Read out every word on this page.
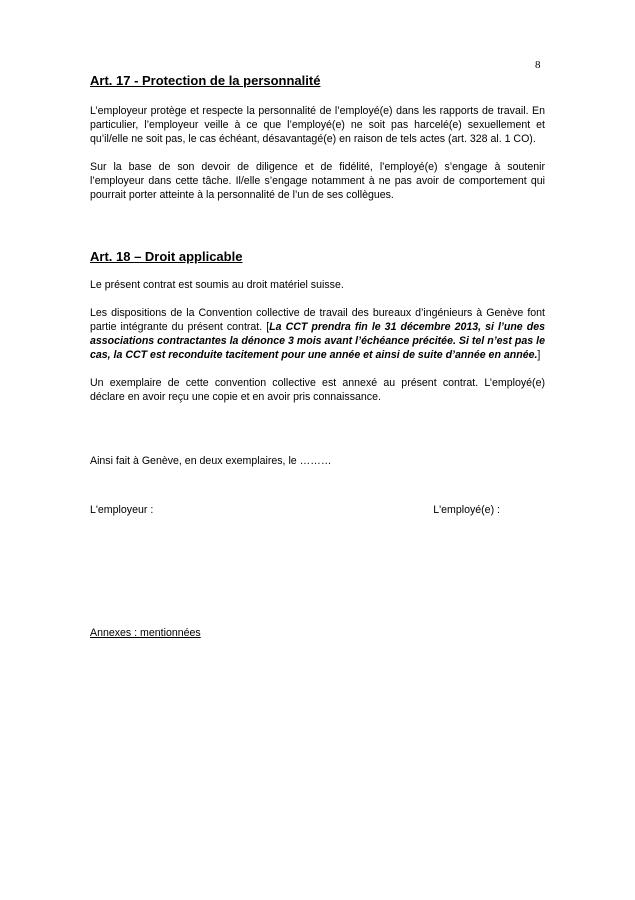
8
Art. 17 - Protection de la personnalité

L’employeur protège et respecte la personnalité de l’employé(e) dans les rapports de travail. En particulier, l’employeur veille à ce que l’employé(e) ne soit pas harcelé(e) sexuellement et qu’il/elle ne soit pas, le cas échéant, désavantagé(e) en raison de tels actes (art. 328 al. 1 CO).

Sur la base de son devoir de diligence et de fidélité, l’employé(e) s’engage à soutenir l’employeur dans cette tâche. Il/elle s’engage notamment à ne pas avoir de comportement qui pourrait porter atteinte à la personnalité de l’un de ses collègues.

Art. 18 – Droit applicable

Le présent contrat est soumis au droit matériel suisse.

Les dispositions de la Convention collective de travail des bureaux d’ingénieurs à Genève font partie intégrante du présent contrat. [La CCT prendra fin le 31 décembre 2013, si l’une des associations contractantes la dénonce 3 mois avant l’échéance précitée. Si tel n’est pas le cas, la CCT est reconduite tacitement pour une année et ainsi de suite d’année en année.]

Un exemplaire de cette convention collective est annexé au présent contrat. L’employé(e) déclare en avoir reçu une copie et en avoir pris connaissance.

Ainsi fait à Genève, en deux exemplaires, le ………

L'employeur :	L'employé(e) :

Annexes : mentionnées
